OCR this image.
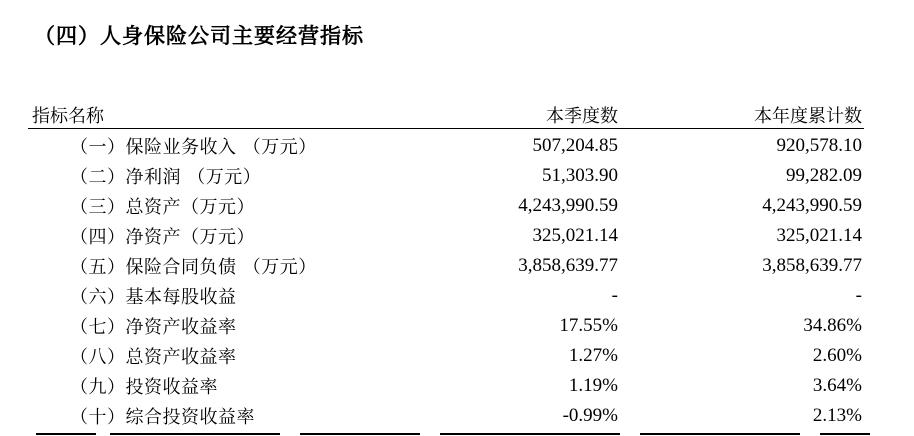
（四）人身保险公司主要经营指标
指标名称	本季度数	本年度累计数
（一）保险业务收入 （万元）	507,204.85	920,578.10
（二）净利润 （万元）	51,303.90	99,282.09
（三）总资产（万元）	4,243,990.59	4,243,990.59
（四）净资产（万元）	325,021.14	325,021.14
（五）保险合同负债 （万元）	3,858,639.77	3,858,639.77
（六）基本每股收益	-	-
（七）净资产收益率	17.55%	34.86%
（八）总资产收益率	1.27%	2.60%
（九）投资收益率	1.19%	3.64%
（十）综合投资收益率	-0.99%	2.13%
